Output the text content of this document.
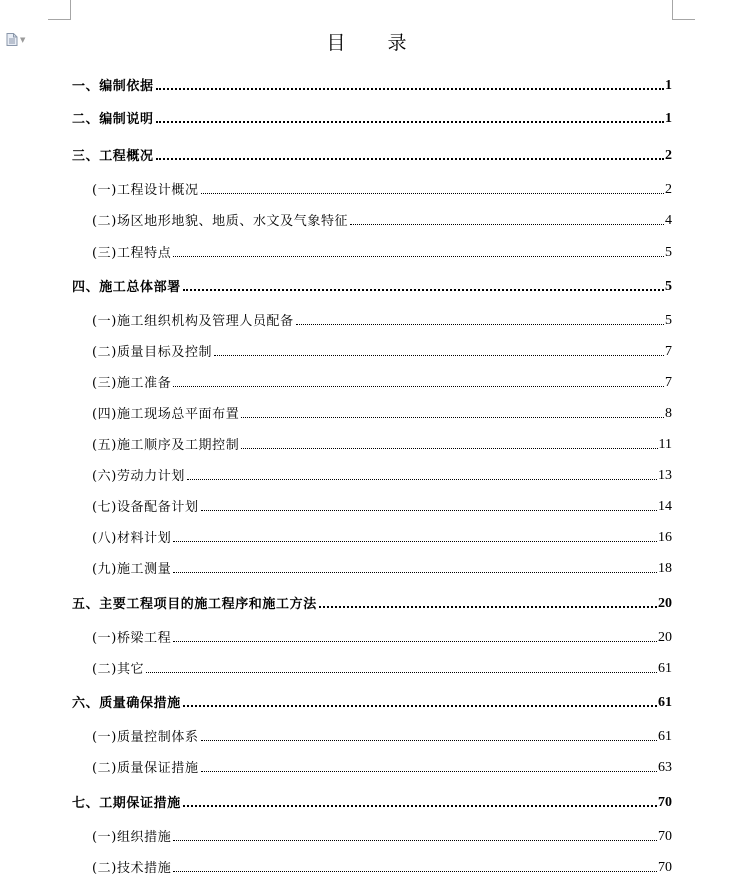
▼	目 录
一、编制依据	1
二、编制说明	1
三、工程概况	2
(一)工程设计概况	2
(二)场区地形地貌、地质、水文及气象特征	4
(三)工程特点	5
四、施工总体部署	5
(一)施工组织机构及管理人员配备	5
(二)质量目标及控制	7
(三)施工准备	7
(四)施工现场总平面布置	8
(五)施工顺序及工期控制	11
(六)劳动力计划	13
(七)设备配备计划	14
(八)材料计划	16
(九)施工测量	18
五、主要工程项目的施工程序和施工方法	20
(一)桥梁工程	20
(二)其它	61
六、质量确保措施	61
(一)质量控制体系	61
(二)质量保证措施	63
七、工期保证措施	70
(一)组织措施	70
(二)技术措施	70
